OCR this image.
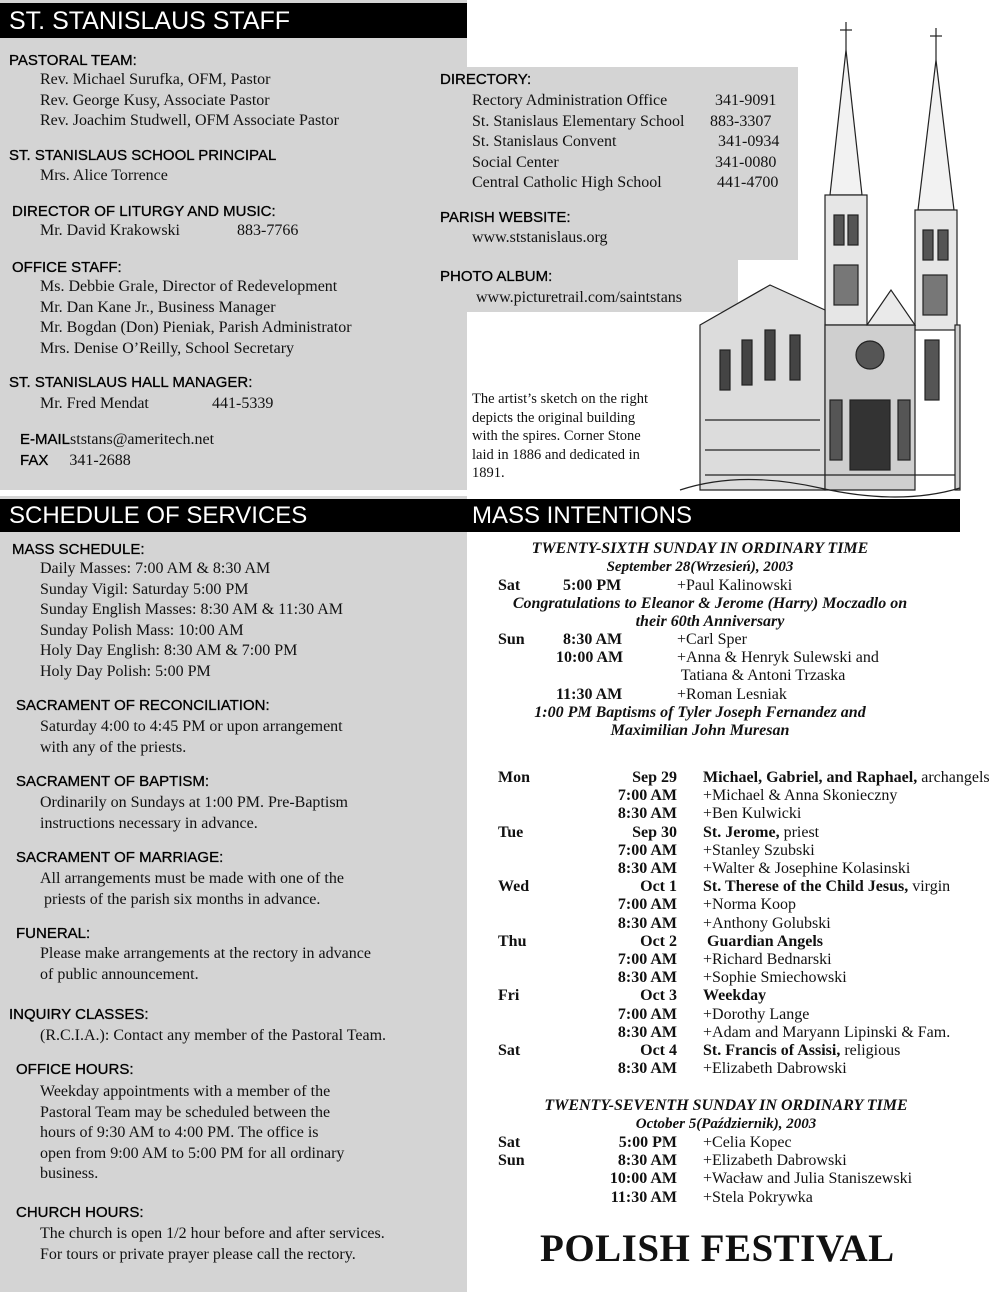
ST. STANISLAUS STAFF
PASTORAL TEAM:
Rev. Michael Surufka, OFM, Pastor
Rev. George Kusy, Associate Pastor
Rev. Joachim Studwell, OFM Associate Pastor
ST. STANISLAUS SCHOOL PRINCIPAL
Mrs. Alice Torrence
DIRECTOR OF LITURGY AND MUSIC:
Mr. David Krakowski	883-7766
OFFICE STAFF:
Ms. Debbie Grale, Director of Redevelopment
Mr. Dan Kane Jr., Business Manager
Mr. Bogdan (Don) Pieniak, Parish Administrator
Mrs. Denise O’Reilly, School Secretary
ST. STANISLAUS HALL MANAGER:
Mr. Fred Mendat	441-5339
E-MAILststans@ameritech.net
FAX 341-2688
DIRECTORY:
Rectory Administration Office	341-9091
St. Stanislaus Elementary School 883-3307
St. Stanislaus Convent	341-0934
Social Center	341-0080
Central Catholic High School	441-4700
PARISH WEBSITE:
www.ststanislaus.org
PHOTO ALBUM:
www.picturetrail.com/saintstans
The artist’s sketch on the right
depicts the original building
with the spires. Corner Stone
laid in 1886 and dedicated in
1891.
SCHEDULE OF SERVICES
MASS SCHEDULE:
Daily Masses: 7:00 AM & 8:30 AM
Sunday Vigil: Saturday 5:00 PM
Sunday English Masses: 8:30 AM & 11:30 AM
Sunday Polish Mass: 10:00 AM
Holy Day English: 8:30 AM & 7:00 PM
Holy Day Polish: 5:00 PM
SACRAMENT OF RECONCILIATION:
Saturday 4:00 to 4:45 PM or upon arrangement
with any of the priests.
SACRAMENT OF BAPTISM:
Ordinarily on Sundays at 1:00 PM. Pre-Baptism
instructions necessary in advance.
SACRAMENT OF MARRIAGE:
All arrangements must be made with one of the
priests of the parish six months in advance.
FUNERAL:
Please make arrangements at the rectory in advance
of public announcement.
INQUIRY CLASSES:
(R.C.I.A.): Contact any member of the Pastoral Team.
OFFICE HOURS:
Weekday appointments with a member of the
Pastoral Team may be scheduled between the
hours of 9:30 AM to 4:00 PM. The office is
open from 9:00 AM to 5:00 PM for all ordinary
business.
CHURCH HOURS:
The church is open 1/2 hour before and after services.
For tours or private prayer please call the rectory.
MASS INTENTIONS
TWENTY-SIXTH SUNDAY IN ORDINARY TIME
September 28(Wrzesień), 2003
Sat	5:00 PM	+Paul Kalinowski
Congratulations to Eleanor & Jerome (Harry) Moczadlo on
their 60th Anniversary
Sun 8:30 AM	+Carl Sper
10:00 AM	+Anna & Henryk Sulewski and
Tatiana & Antoni Trzaska
11:30 AM	+Roman Lesniak
1:00 PM Baptisms of Tyler Joseph Fernandez and
Maximilian John Muresan
Mon	Sep 29 Michael, Gabriel, and Raphael, archangels
7:00 AM +Michael & Anna Skonieczny
8:30 AM +Ben Kulwicki
Tue	Sep 30 St. Jerome, priest
7:00 AM +Stanley Szubski
8:30 AM +Walter & Josephine Kolasinski
Wed	Oct 1 St. Therese of the Child Jesus, virgin
7:00 AM +Norma Koop
8:30 AM +Anthony Golubski
Thu	Oct 2 Guardian Angels
7:00 AM +Richard Bednarski
8:30 AM +Sophie Smiechowski
Fri	Oct 3 Weekday
7:00 AM +Dorothy Lange
8:30 AM +Adam and Maryann Lipinski & Fam.
Sat	Oct 4 St. Francis of Assisi, religious
8:30 AM +Elizabeth Dabrowski
TWENTY-SEVENTH SUNDAY IN ORDINARY TIME
October 5(Październik), 2003
Sat	5:00 PM +Celia Kopec
Sun	8:30 AM +Elizabeth Dabrowski
10:00 AM +Wacław and Julia Staniszewski
11:30 AM +Stela Pokrywka
POLISH FESTIVAL
